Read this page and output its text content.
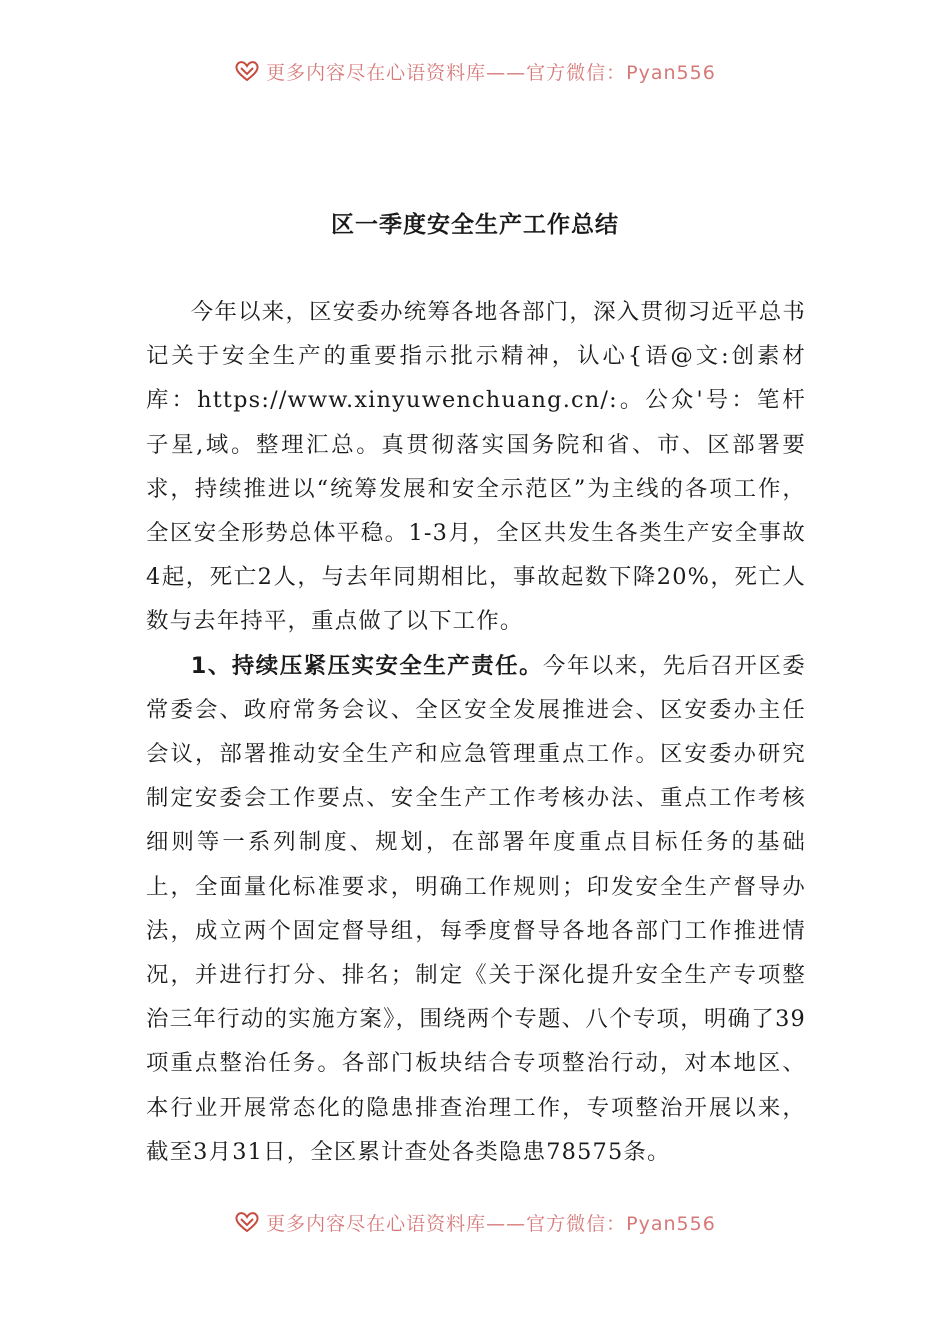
更多内容尽在心语资料库——官方微信：Pyan556
区一季度安全生产工作总结

今年以来，区安委办统筹各地各部门，深入贯彻习近平总书记关于安全生产的重要指示批示精神，认心{语@文:创素材库：https://www.xinyuwenchuang.cn/:。公众'号：笔杆子星,域。整理汇总。真贯彻落实国务院和省、市、区部署要求，持续推进以“统筹发展和安全示范区”为主线的各项工作，全区安全形势总体平稳。1-3月，全区共发生各类生产安全事故4起，死亡2人，与去年同期相比，事故起数下降20%，死亡人数与去年持平，重点做了以下工作。

1、持续压紧压实安全生产责任。今年以来，先后召开区委常委会、政府常务会议、全区安全发展推进会、区安委办主任会议，部署推动安全生产和应急管理重点工作。区安委办研究制定安委会工作要点、安全生产工作考核办法、重点工作考核细则等一系列制度、规划，在部署年度重点目标任务的基础上，全面量化标准要求，明确工作规则；印发安全生产督导办法，成立两个固定督导组，每季度督导各地各部门工作推进情况，并进行打分、排名；制定《关于深化提升安全生产专项整治三年行动的实施方案》，围绕两个专题、八个专项，明确了39项重点整治任务。各部门板块结合专项整治行动，对本地区、本行业开展常态化的隐患排查治理工作，专项整治开展以来，截至3月31日，全区累计查处各类隐患78575条。

更多内容尽在心语资料库——官方微信：Pyan556
